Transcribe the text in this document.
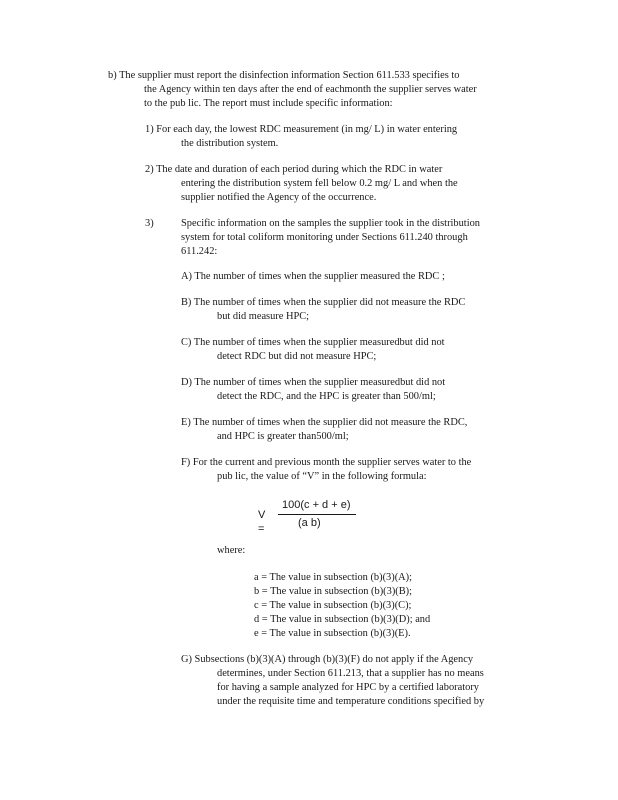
b) The supplier must report the disinfection information Section 611.533 specifies to
the Agency within ten days after the end of eachmonth the supplier serves water
to the pub lic. The report must include specific information:
1) For each day, the lowest RDC measurement (in mg/ L) in water entering
the distribution system.
2) The date and duration of each period during which the RDC in water
entering the distribution system fell below 0.2 mg/ L and when the
supplier notified the Agency of the occurrence.
3)	Specific information on the samples the supplier took in the distribution
system for total coliform monitoring under Sections 611.240 through
611.242:
A) The number of times when the supplier measured the RDC ;
B) The number of times when the supplier did not measure the RDC
but did measure HPC;
C) The number of times when the supplier measuredbut did not
detect RDC but did not measure HPC;
D) The number of times when the supplier measuredbut did not
detect the RDC, and the HPC is greater than 500/ml;
E) The number of times when the supplier did not measure the RDC,
and HPC is greater than500/ml;
F) For the current and previous month the supplier serves water to the
pub lic, the value of “V” in the following formula:
V =
100(c + d + e)
(a b)
where:
a = The value in subsection (b)(3)(A);
b = The value in subsection (b)(3)(B);
c = The value in subsection (b)(3)(C);
d = The value in subsection (b)(3)(D); and
e = The value in subsection (b)(3)(E).
G) Subsections (b)(3)(A) through (b)(3)(F) do not apply if the Agency
determines, under Section 611.213, that a supplier has no means
for having a sample analyzed for HPC by a certified laboratory
under the requisite time and temperature conditions specified by
